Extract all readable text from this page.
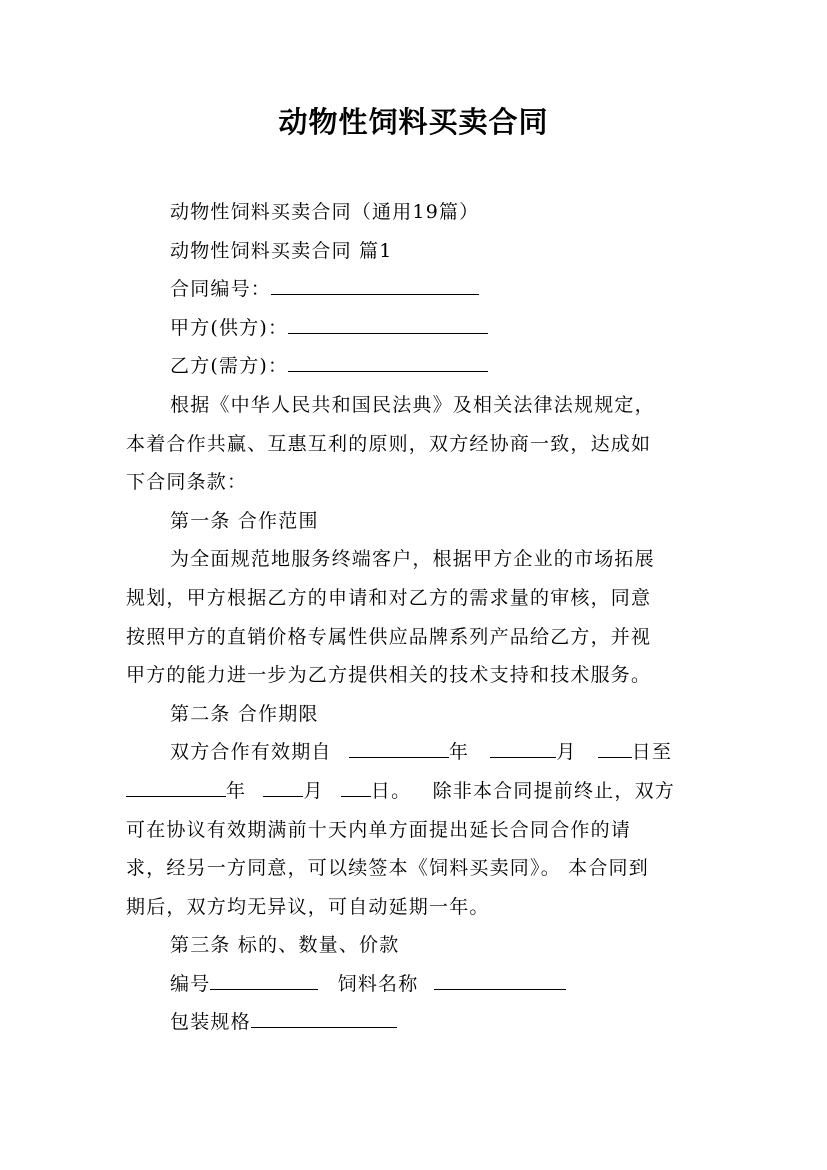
动物性饲料买卖合同
动物性饲料买卖合同（通用19篇）
动物性饲料买卖合同 篇1
合同编号：
甲方(供方)：
乙方(需方)：
根据《中华人民共和国民法典》及相关法律法规规定，
本着合作共赢、互惠互利的原则，双方经协商一致，达成如
下合同条款：
第一条 合作范围
为全面规范地服务终端客户，根据甲方企业的市场拓展
规划，甲方根据乙方的申请和对乙方的需求量的审核，同意
按照甲方的直销价格专属性供应品牌系列产品给乙方，并视
甲方的能力进一步为乙方提供相关的技术支持和技术服务。
第二条 合作期限
双方合作有效期自	年	月	日至
年	月 日。 除非本合同提前终止，双方
可在协议有效期满前十天内单方面提出延长合同合作的请
求，经另一方同意，可以续签本《饲料买卖同》。 本合同到
期后，双方均无异议，可自动延期一年。
第三条 标的、数量、价款
编号	饲料名称
包装规格
